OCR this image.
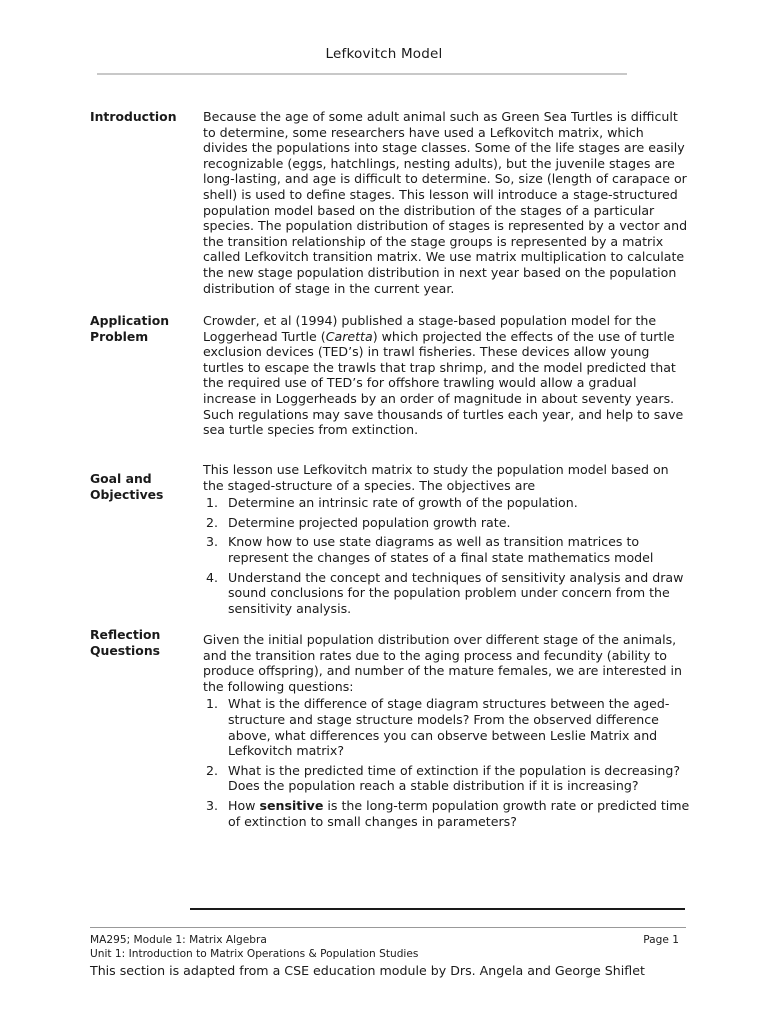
Lefkovitch Model
Introduction	Because the age of some adult animal such as Green Sea Turtles is difficult to determine, some researchers have used a Lefkovitch matrix, which divides the populations into stage classes. Some of the life stages are easily recognizable (eggs, hatchlings, nesting adults), but the juvenile stages are long-lasting, and age is difficult to determine. So, size (length of carapace or shell) is used to define stages. This lesson will introduce a stage-structured population model based on the distribution of the stages of a particular species. The population distribution of stages is represented by a vector and the transition relationship of the stage groups is represented by a matrix called Lefkovitch transition matrix. We use matrix multiplication to calculate the new stage population distribution in next year based on the population distribution of stage in the current year.

Application
Problem

Crowder, et al (1994) published a stage-based population model for the Loggerhead Turtle (Caretta) which projected the effects of the use of turtle exclusion devices (TED’s) in trawl fisheries. These devices allow young turtles to escape the trawls that trap shrimp, and the model predicted that the required use of TED’s for offshore trawling would allow a gradual increase in Loggerheads by an order of magnitude in about seventy years. Such regulations may save thousands of turtles each year, and help to save sea turtle species from extinction.

Goal and
Objectives

This lesson use Lefkovitch matrix to study the population model based on the staged-structure of a species. The objectives are

1. Determine an intrinsic rate of growth of the population.
2. Determine projected population growth rate.
3. Know how to use state diagrams as well as transition matrices to represent the changes of states of a final state mathematics model
4. Understand the concept and techniques of sensitivity analysis and draw sound conclusions for the population problem under concern from the sensitivity analysis.
Reflection
Questions

Given the initial population distribution over different stage of the animals, and the transition rates due to the aging process and fecundity (ability to produce offspring), and number of the mature females, we are interested in the following questions:

1. What is the difference of stage diagram structures between the aged-structure and stage structure models? From the observed difference above, what differences you can observe between Leslie Matrix and Lefkovitch matrix?
2. What is the predicted time of extinction if the population is decreasing? Does the population reach a stable distribution if it is increasing?
3. How sensitive is the long-term population growth rate or predicted time of extinction to small changes in parameters?
MA295; Module 1: Matrix Algebra	Page 1
Unit 1: Introduction to Matrix Operations & Population Studies
This section is adapted from a CSE education module by Drs. Angela and George Shiflet
